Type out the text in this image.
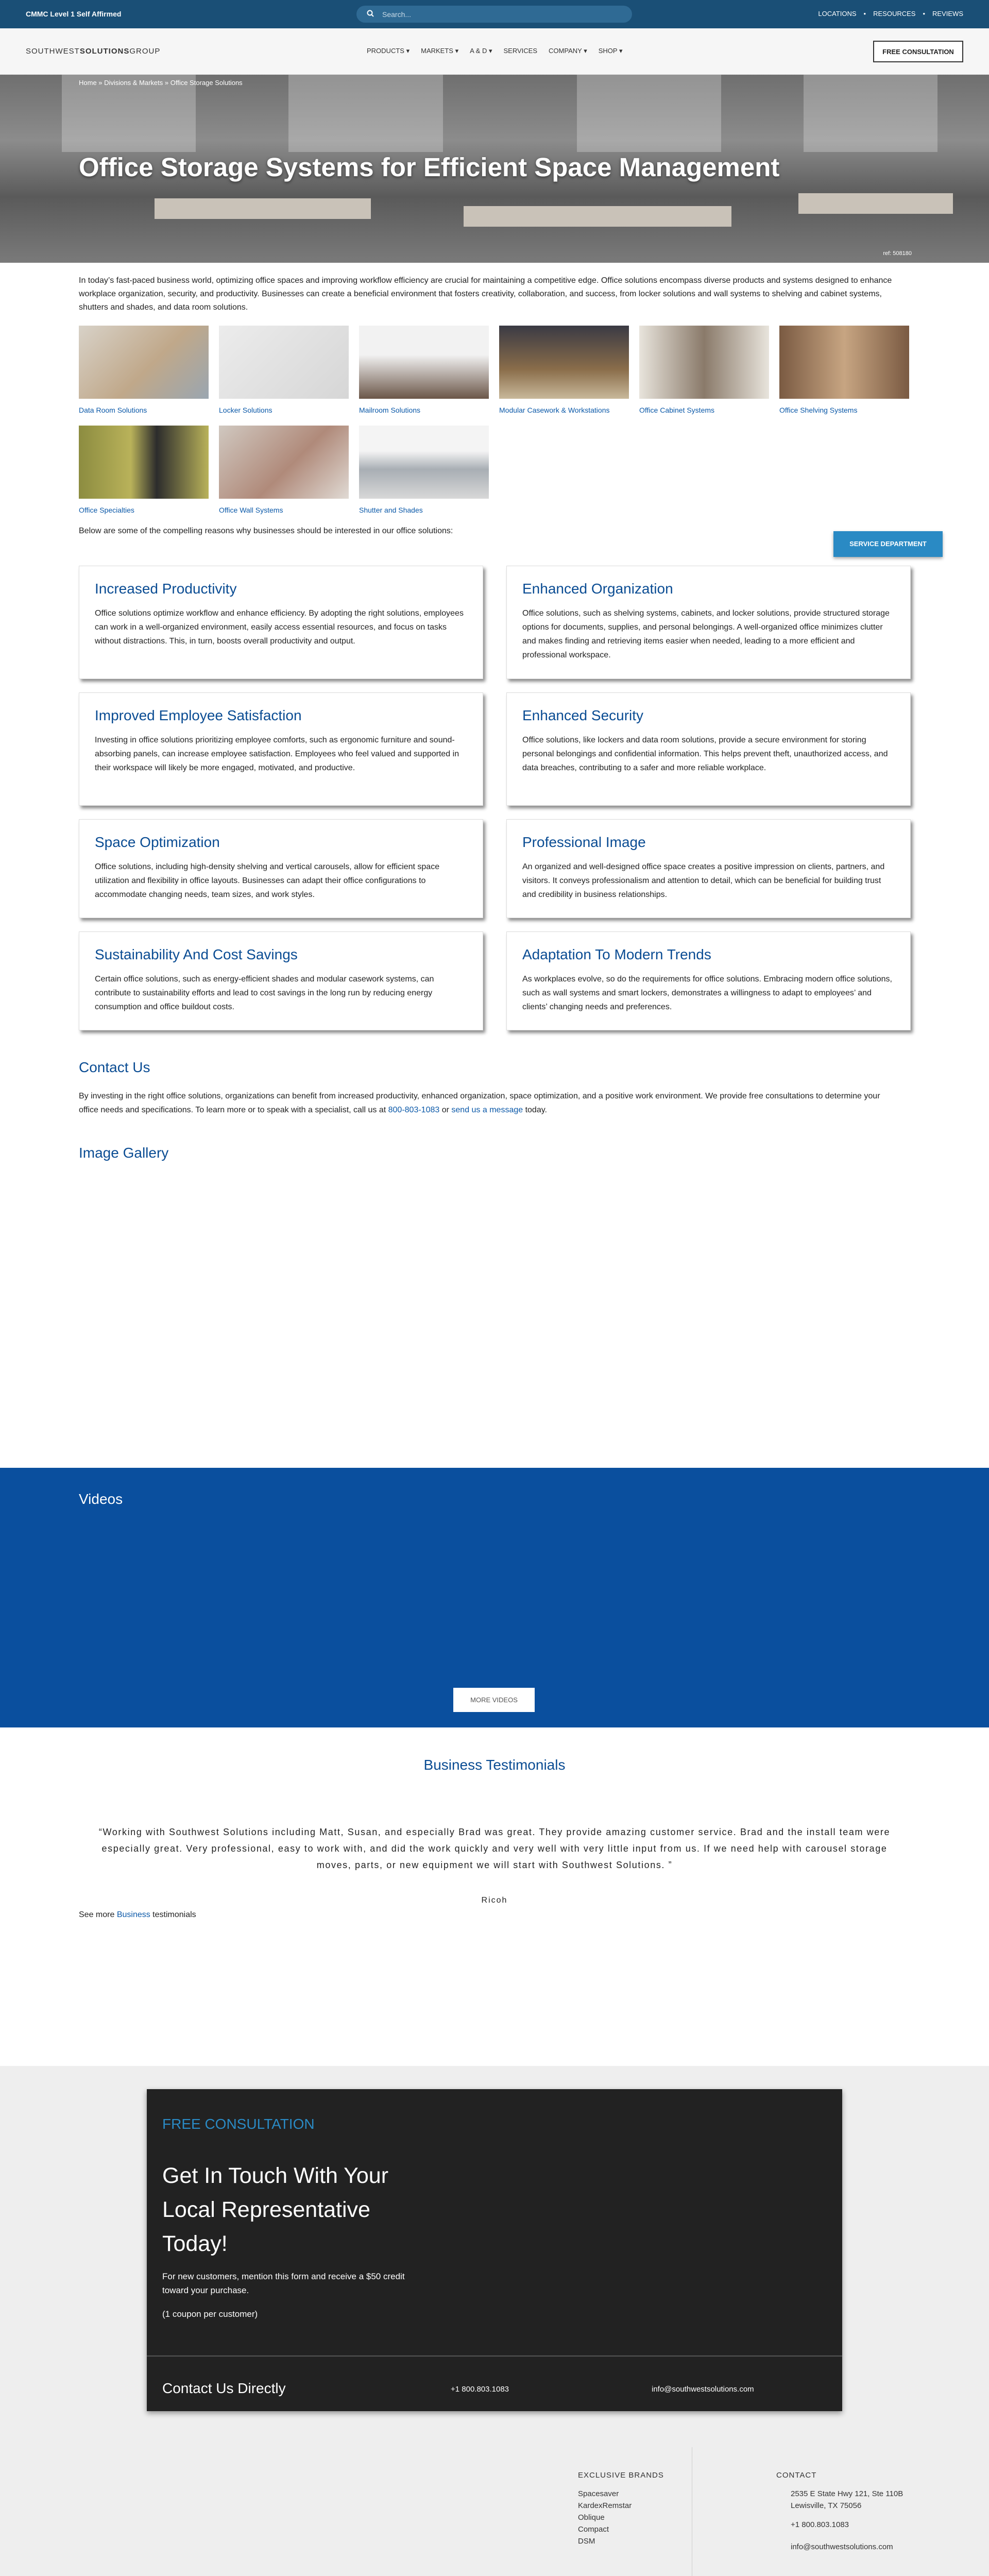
CMMC Level 1 Self Affirmed	Search...	LOCATIONS • RESOURCES • REVIEWS
SOUTHWESTSOLUTIONSGROUP	PRODUCTS ▾ MARKETS ▾ A & D ▾ SERVICES COMPANY ▾ SHOP ▾	FREE CONSULTATION
Home » Divisions & Markets » Office Storage Solutions
Office Storage Systems for Efficient Space Management
ref: 508180

In today’s fast-paced business world, optimizing office spaces and improving workflow efficiency are crucial for maintaining a competitive edge. Office solutions encompass diverse products and systems designed to enhance workplace organization, security, and productivity. Businesses can create a beneficial environment that fosters creativity, collaboration, and success, from locker solutions and wall systems to shelving and cabinet systems, shutters and shades, and data room solutions.

Data Room Solutions	Locker Solutions	Mailroom Solutions	Modular Casework & Workstations	Office Cabinet Systems	Office Shelving Systems
Office Specialties	Office Wall Systems	Shutter and Shades

Below are some of the compelling reasons why businesses should be interested in our office solutions:

SERVICE DEPARTMENT
Increased Productivity

Office solutions optimize workflow and enhance efficiency. By adopting the right solutions, employees can work in a well-organized environment, easily access essential resources, and focus on tasks without distractions. This, in turn, boosts overall productivity and output.

Enhanced Organization

Office solutions, such as shelving systems, cabinets, and locker solutions, provide structured storage options for documents, supplies, and personal belongings. A well-organized office minimizes clutter and makes finding and retrieving items easier when needed, leading to a more efficient and professional workspace.

Improved Employee Satisfaction

Investing in office solutions prioritizing employee comforts, such as ergonomic furniture and sound-absorbing panels, can increase employee satisfaction. Employees who feel valued and supported in their workspace will likely be more engaged, motivated, and productive.

Enhanced Security

Office solutions, like lockers and data room solutions, provide a secure environment for storing personal belongings and confidential information. This helps prevent theft, unauthorized access, and data breaches, contributing to a safer and more reliable workplace.

Space Optimization

Office solutions, including high-density shelving and vertical carousels, allow for efficient space utilization and flexibility in office layouts. Businesses can adapt their office configurations to accommodate changing needs, team sizes, and work styles.

Professional Image

An organized and well-designed office space creates a positive impression on clients, partners, and visitors. It conveys professionalism and attention to detail, which can be beneficial for building trust and credibility in business relationships.

Sustainability And Cost Savings

Certain office solutions, such as energy-efficient shades and modular casework systems, can contribute to sustainability efforts and lead to cost savings in the long run by reducing energy consumption and office buildout costs.

Adaptation To Modern Trends

As workplaces evolve, so do the requirements for office solutions. Embracing modern office solutions, such as wall systems and smart lockers, demonstrates a willingness to adapt to employees’ and clients’ changing needs and preferences.

Contact Us

By investing in the right office solutions, organizations can benefit from increased productivity, enhanced organization, space optimization, and a positive work environment. We provide free consultations to determine your office needs and specifications. To learn more or to speak with a specialist, call us at 800-803-1083 or send us a message today.

Image Gallery
Videos
MORE VIDEOS
Business Testimonials

“Working with Southwest Solutions including Matt, Susan, and especially Brad was great. They provide amazing customer service. Brad and the install team were especially great. Very professional, easy to work with, and did the work quickly and very well with very little input from us. If we need help with carousel storage moves, parts, or new equipment we will start with Southwest Solutions. ”

Ricoh

See more Business testimonials

FREE CONSULTATION
Get In Touch With Your Local Representative Today!
For new customers, mention this form and receive a $50 credit toward your purchase.
(1 coupon per customer)
Contact Us Directly	+1 800.803.1083	info@southwestsolutions.com
EXCLUSIVE BRANDS
Spacesaver
KardexRemstar
Oblique
Compact
DSM
CONTACT
2535 E State Hwy 121, Ste 110B
Lewisville, TX 75056
+1 800.803.1083
info@southwestsolutions.com
